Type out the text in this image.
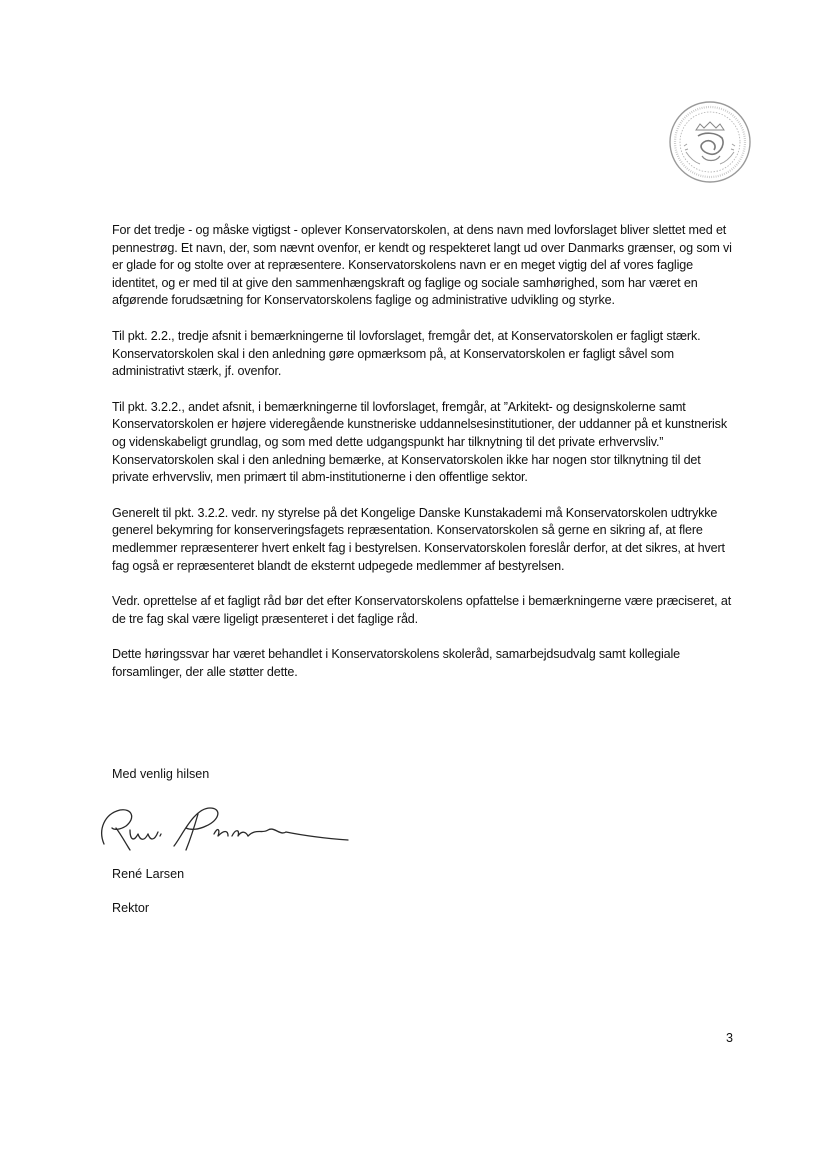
For det tredje - og måske vigtigst - oplever Konservatorskolen, at dens navn med lovforslaget bliver slettet med et pennestrøg. Et navn, der, som nævnt ovenfor, er kendt og respekteret langt ud over Danmarks grænser, og som vi er glade for og stolte over at repræsentere. Konservatorskolens navn er en meget vigtig del af vores faglige identitet, og er med til at give den sammenhængskraft og faglige og sociale samhørighed, som har været en afgørende forudsætning for Konservatorskolens faglige og administrative udvikling og styrke.

Til pkt. 2.2., tredje afsnit i bemærkningerne til lovforslaget, fremgår det, at Konservatorskolen er fagligt stærk. Konservatorskolen skal i den anledning gøre opmærksom på, at Konservatorskolen er fagligt såvel som administrativt stærk, jf. ovenfor.

Til pkt. 3.2.2., andet afsnit, i bemærkningerne til lovforslaget, fremgår, at ”Arkitekt- og designskolerne samt Konservatorskolen er højere videregående kunstneriske uddannelsesinstitutioner, der uddanner på et kunstnerisk og videnskabeligt grundlag, og som med dette udgangspunkt har tilknytning til det private erhvervsliv.” Konservatorskolen skal i den anledning bemærke, at Konservatorskolen ikke har nogen stor tilknytning til det private erhvervsliv, men primært til abm-institutionerne i den offentlige sektor.

Generelt til pkt. 3.2.2. vedr. ny styrelse på det Kongelige Danske Kunstakademi må Konservatorskolen udtrykke generel bekymring for konserveringsfagets repræsentation. Konservatorskolen så gerne en sikring af, at flere medlemmer repræsenterer hvert enkelt fag i bestyrelsen. Konservatorskolen foreslår derfor, at det sikres, at hvert fag også er repræsenteret blandt de eksternt udpegede medlemmer af bestyrelsen.

Vedr. oprettelse af et fagligt råd bør det efter Konservatorskolens opfattelse i bemærkningerne være præciseret, at de tre fag skal være ligeligt præsenteret i det faglige råd.

Dette høringssvar har været behandlet i Konservatorskolens skoleråd, samarbejdsudvalg samt kollegiale forsamlinger, der alle støtter dette.

Med venlig hilsen
René Larsen
Rektor
3
